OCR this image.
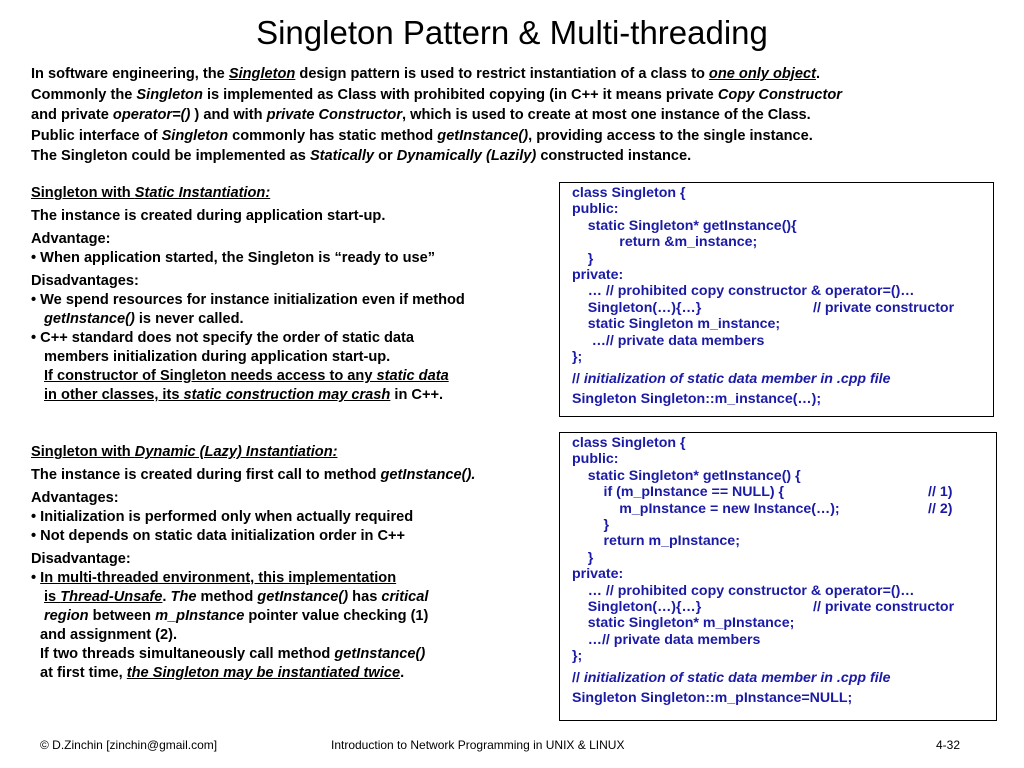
Singleton Pattern & Multi-threading
In software engineering, the Singleton design pattern is used to restrict instantiation of a class to one only object.
Commonly the Singleton is implemented as Class with prohibited copying (in C++ it means private Copy Constructor
and private operator=() ) and with private Constructor, which is used to create at most one instance of the Class.
Public interface of Singleton commonly has static method getInstance(), providing access to the single instance.
The Singleton could be implemented as Statically or Dynamically (Lazily) constructed instance.
Singleton with Static Instantiation:
The instance is created during application start-up.
Advantage:
• When application started, the Singleton is “ready to use”
Disadvantages:
• We spend resources for instance initialization even if method
getInstance() is never called.
• C++ standard does not specify the order of static data
members initialization during application start-up.
If constructor of Singleton needs access to any static data
in other classes, its static construction may crash in C++.
Singleton with Dynamic (Lazy) Instantiation:
The instance is created during first call to method getInstance().
Advantages:
• Initialization is performed only when actually required
• Not depends on static data initialization order in C++
Disadvantage:
• In multi-threaded environment, this implementation
is Thread-Unsafe. The method getInstance() has critical
region between m_pInstance pointer value checking (1)
and assignment (2).
If two threads simultaneously call method getInstance()
at first time, the Singleton may be instantiated twice.
class Singleton {
public:
static Singleton* getInstance(){
return &m_instance;
}
private:
… // prohibited copy constructor & operator=()…
Singleton(…){…}	// private constructor
static Singleton m_instance;
…// private data members
};
// initialization of static data member in .cpp file
Singleton Singleton::m_instance(…);
class Singleton {
public:
static Singleton* getInstance() {
if (m_pInstance == NULL) {	// 1)
m_pInstance = new Instance(…);	// 2)
}
return m_pInstance;
}
private:
… // prohibited copy constructor & operator=()…
Singleton(…){…}	// private constructor
static Singleton* m_pInstance;
…// private data members
};
// initialization of static data member in .cpp file
Singleton Singleton::m_pInstance=NULL;
© D.Zinchin [zinchin@gmail.com]	Introduction to Network Programming in UNIX & LINUX	4-32
